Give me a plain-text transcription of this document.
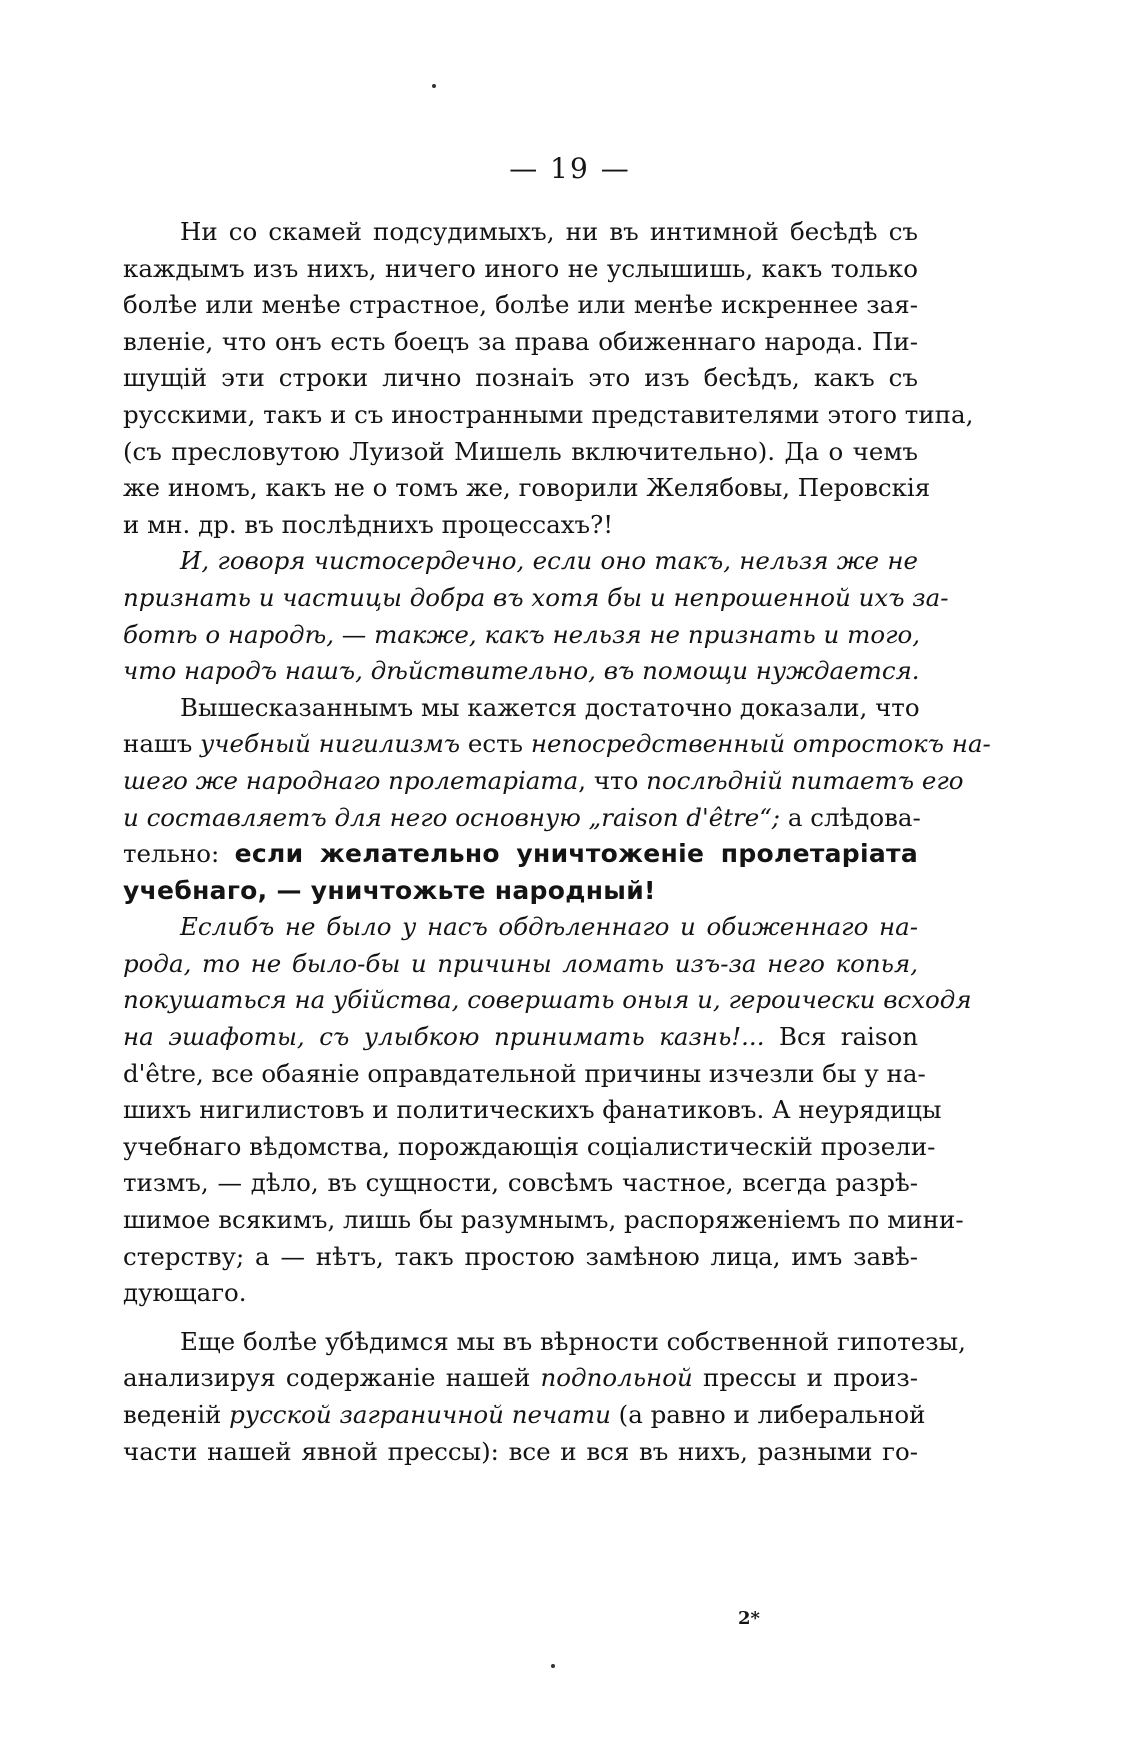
— 19 —
Ни со скамей подсудимыхъ, ни въ интимной бесѣдѣ съ
каждымъ изъ нихъ, ничего иного не услышишь, какъ только
болѣе или менѣе страстное, болѣе или менѣе искреннее зая-
вленіе, что онъ есть боецъ за права обиженнаго народа. Пи-
шущій эти строки лично познаіъ это изъ бесѣдъ, какъ съ
русскими, такъ и съ иностранными представителями этого типа,
(съ пресловутою Луизой Мишель включительно). Да о чемъ
же иномъ, какъ не о томъ же, говорили Желябовы, Перовскія
и мн. др. въ послѣднихъ процессахъ?!
И, говоря чистосердечно, если оно такъ, нельзя же не
признать и частицы добра въ хотя бы и непрошенной ихъ за-
ботѣ о народѣ, — также, какъ нельзя не признать и того,
что народъ нашъ, дѣйствительно, въ помощи нуждается.
Вышесказаннымъ мы кажется достаточно доказали, что
нашъ учебный нигилизмъ есть непосредственный отростокъ на-
шего же народнаго пролетаріата, что послѣдній питаетъ его
и составляетъ для него основную „raison d'être“; а слѣдова-
тельно: если желательно уничтоженіе пролетаріата
учебнаго, — уничтожьте народный!
Еслибъ не было у насъ обдѣленнаго и обиженнаго на-
рода, то не было-бы и причины ломать изъ-за него копья,
покушаться на убійства, совершать оныя и, героически всходя
на эшафоты, съ улыбкою принимать казнь!... Вся raison
d'être, все обаяніе оправдательной причины изчезли бы у на-
шихъ нигилистовъ и политическихъ фанатиковъ. А неурядицы
учебнаго вѣдомства, порождающія соціалистическій прозели-
тизмъ, — дѣло, въ сущности, совсѣмъ частное, всегда разрѣ-
шимое всякимъ, лишь бы разумнымъ, распоряженіемъ по мини-
стерству; а — нѣтъ, такъ простою замѣною лица, имъ завѣ-
дующаго.
Еще болѣе убѣдимся мы въ вѣрности собственной гипотезы,
анализируя содержаніе нашей подпольной прессы и произ-
веденій русской заграничной печати (а равно и либеральной
части нашей явной прессы): все и вся въ нихъ, разными го-
2*
